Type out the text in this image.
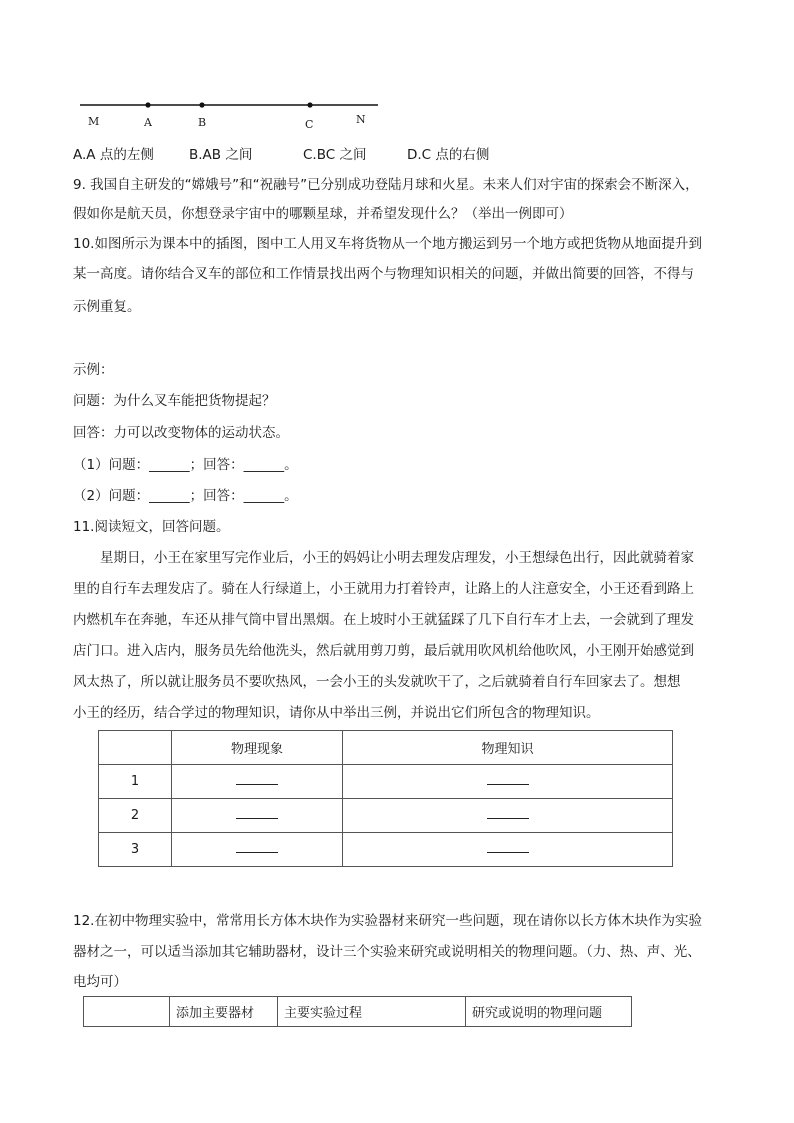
M	A	B	C	N
A.A 点的左侧	B.AB 之间	C.BC 之间	D.C 点的右侧
9. 我国自主研发的“嫦娥号”和“祝融号”已分别成功登陆月球和火星。未来人们对宇宙的探索会不断深入，
假如你是航天员，你想登录宇宙中的哪颗星球，并希望发现什么？（举出一例即可）
10.如图所示为课本中的插图，图中工人用叉车将货物从一个地方搬运到另一个地方或把货物从地面提升到
某一高度。请你结合叉车的部位和工作情景找出两个与物理知识相关的问题，并做出简要的回答，不得与
示例重复。
示例：
问题：为什么叉车能把货物提起？
回答：力可以改变物体的运动状态。
（1）问题：______；回答：______。
（2）问题：______；回答：______。
11.阅读短文，回答问题。
星期日，小王在家里写完作业后，小王的妈妈让小明去理发店理发，小王想绿色出行，因此就骑着家
里的自行车去理发店了。骑在人行绿道上，小王就用力打着铃声，让路上的人注意安全，小王还看到路上
内燃机车在奔驰，车还从排气筒中冒出黑烟。在上坡时小王就猛踩了几下自行车才上去，一会就到了理发
店门口。进入店内，服务员先给他洗头，然后就用剪刀剪，最后就用吹风机给他吹风，小王刚开始感觉到
风太热了，所以就让服务员不要吹热风，一会小王的头发就吹干了，之后就骑着自行车回家去了。想想
小王的经历，结合学过的物理知识，请你从中举出三例，并说出它们所包含的物理知识。
	物理现象	物理知识
1		
2		
3		
12.在初中物理实验中，常常用长方体木块作为实验器材来研究一些问题，现在请你以长方体木块作为实验
器材之一，可以适当添加其它辅助器材，设计三个实验来研究或说明相关的物理问题。（力、热、声、光、
电均可）
	添加主要器材	主要实验过程	研究或说明的物理问题
